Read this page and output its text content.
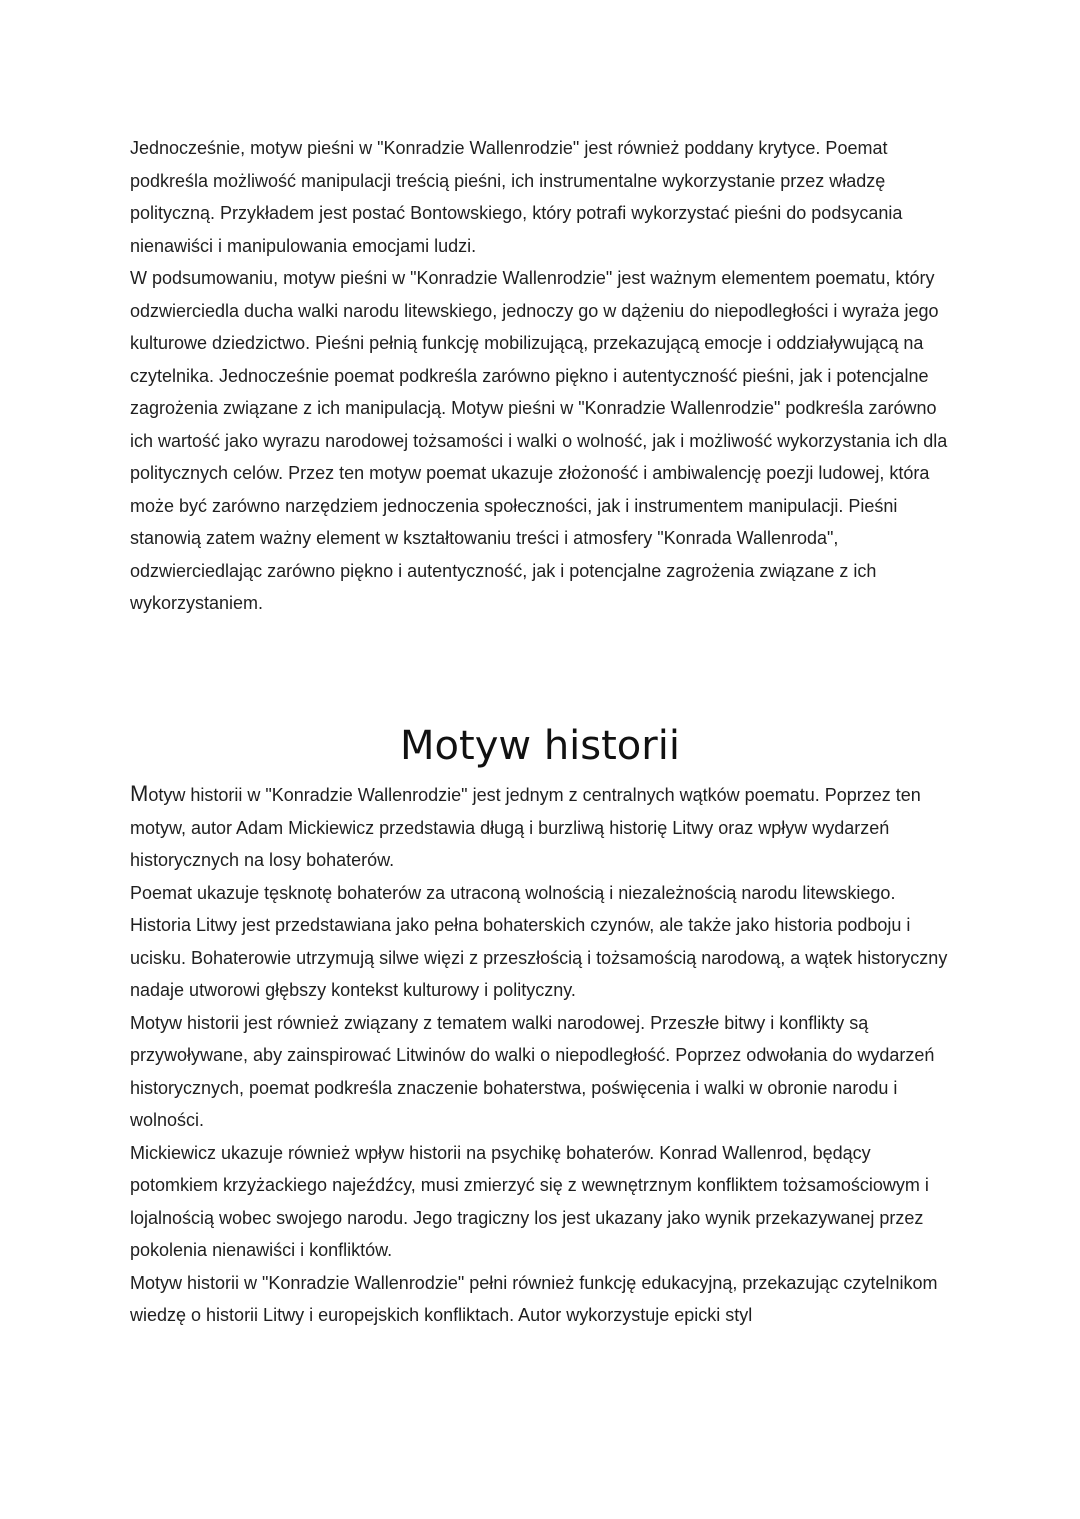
Jednocześnie, motyw pieśni w "Konradzie Wallenrodzie" jest również poddany krytyce. Poemat podkreśla możliwość manipulacji treścią pieśni, ich instrumentalne wykorzystanie przez władzę polityczną. Przykładem jest postać Bontowskiego, który potrafi wykorzystać pieśni do podsycania nienawiści i manipulowania emocjami ludzi.

W podsumowaniu, motyw pieśni w "Konradzie Wallenrodzie" jest ważnym elementem poematu, który odzwierciedla ducha walki narodu litewskiego, jednoczy go w dążeniu do niepodległości i wyraża jego kulturowe dziedzictwo. Pieśni pełnią funkcję mobilizującą, przekazującą emocje i oddziaływującą na czytelnika. Jednocześnie poemat podkreśla zarówno piękno i autentyczność pieśni, jak i potencjalne zagrożenia związane z ich manipulacją. Motyw pieśni w "Konradzie Wallenrodzie" podkreśla zarówno ich wartość jako wyrazu narodowej tożsamości i walki o wolność, jak i możliwość wykorzystania ich dla politycznych celów. Przez ten motyw poemat ukazuje złożoność i ambiwalencję poezji ludowej, która może być zarówno narzędziem jednoczenia społeczności, jak i instrumentem manipulacji. Pieśni stanowią zatem ważny element w kształtowaniu treści i atmosfery "Konrada Wallenroda", odzwierciedlając zarówno piękno i autentyczność, jak i potencjalne zagrożenia związane z ich wykorzystaniem.

Motyw historii

Motyw historii w "Konradzie Wallenrodzie" jest jednym z centralnych wątków poematu. Poprzez ten motyw, autor Adam Mickiewicz przedstawia długą i burzliwą historię Litwy oraz wpływ wydarzeń historycznych na losy bohaterów.

Poemat ukazuje tęsknotę bohaterów za utraconą wolnością i niezależnością narodu litewskiego. Historia Litwy jest przedstawiana jako pełna bohaterskich czynów, ale także jako historia podboju i ucisku. Bohaterowie utrzymują silwe więzi z przeszłością i tożsamością narodową, a wątek historyczny nadaje utworowi głębszy kontekst kulturowy i polityczny.

Motyw historii jest również związany z tematem walki narodowej. Przeszłe bitwy i konflikty są przywoływane, aby zainspirować Litwinów do walki o niepodległość. Poprzez odwołania do wydarzeń historycznych, poemat podkreśla znaczenie bohaterstwa, poświęcenia i walki w obronie narodu i wolności.

Mickiewicz ukazuje również wpływ historii na psychikę bohaterów. Konrad Wallenrod, będący potomkiem krzyżackiego najeźdźcy, musi zmierzyć się z wewnętrznym konfliktem tożsamościowym i lojalnością wobec swojego narodu. Jego tragiczny los jest ukazany jako wynik przekazywanej przez pokolenia nienawiści i konfliktów.

Motyw historii w "Konradzie Wallenrodzie" pełni również funkcję edukacyjną, przekazując czytelnikom wiedzę o historii Litwy i europejskich konfliktach. Autor wykorzystuje epicki styl
